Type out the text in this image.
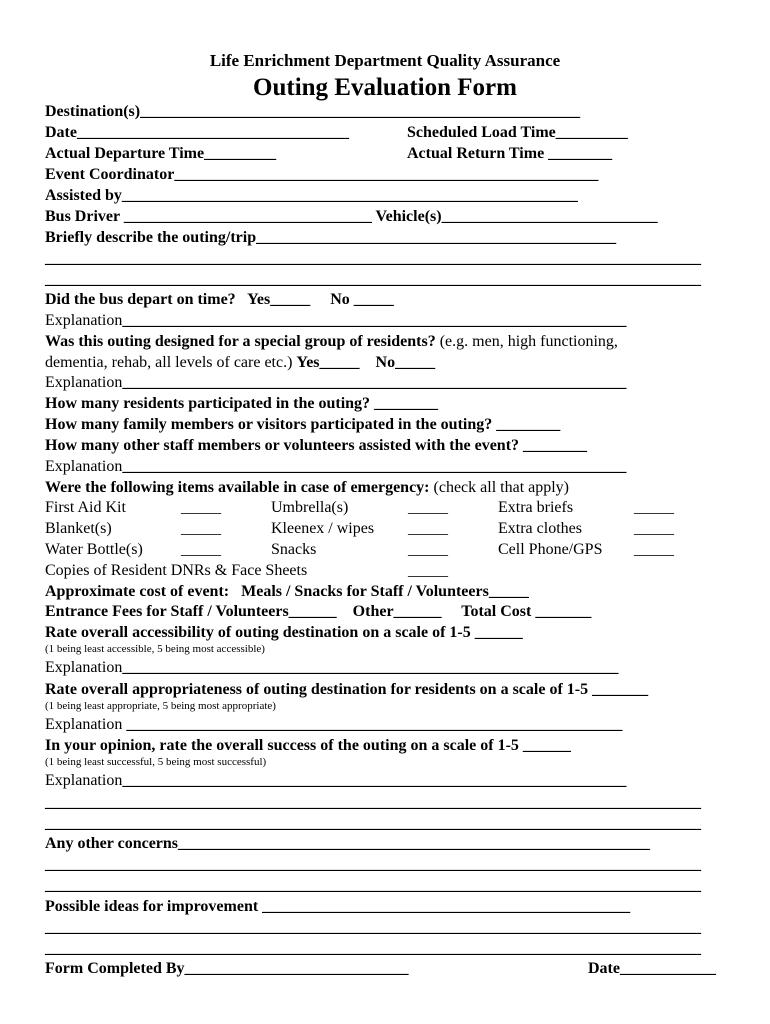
Life Enrichment Department Quality Assurance
Outing Evaluation Form
Destination(s)_______________________________________________________
Date__________________________________	Scheduled Load Time_________
Actual Departure Time_________	Actual Return Time ________
Event Coordinator_____________________________________________________
Assisted by_________________________________________________________
Bus Driver _______________________________ Vehicle(s)___________________________
Briefly describe the outing/trip_____________________________________________
__________________________________________________________________________________
__________________________________________________________________________________
Did the bus depart on time?   Yes_____     No _____
Explanation_______________________________________________________________
Was this outing designed for a special group of residents? (e.g. men, high functioning,
dementia, rehab, all levels of care etc.) Yes_____    No_____
Explanation_______________________________________________________________
How many residents participated in the outing? ________
How many family members or visitors participated in the outing? ________
How many other staff members or volunteers assisted with the event? ________
Explanation_______________________________________________________________
Were the following items available in case of emergency: (check all that apply)
First Aid Kit	_____	Umbrella(s)	_____	Extra briefs	_____
Blanket(s)	_____	Kleenex / wipes _____	Extra clothes	_____
Water Bottle(s) _____	Snacks	_____	Cell Phone/GPS _____
Copies of Resident DNRs & Face Sheets	_____
Approximate cost of event:   Meals / Snacks for Staff / Volunteers_____
Entrance Fees for Staff / Volunteers______    Other______     Total Cost _______
Rate overall accessibility of outing destination on a scale of 1-5 ______
(1 being least accessible, 5 being most accessible)
Explanation______________________________________________________________
Rate overall appropriateness of outing destination for residents on a scale of 1-5 _______
(1 being least appropriate, 5 being most appropriate)
Explanation ______________________________________________________________
In your opinion, rate the overall success of the outing on a scale of 1-5 ______
(1 being least successful, 5 being most successful)
Explanation_______________________________________________________________
__________________________________________________________________________________
__________________________________________________________________________________
Any other concerns___________________________________________________________
__________________________________________________________________________________
__________________________________________________________________________________
Possible ideas for improvement ______________________________________________
__________________________________________________________________________________
__________________________________________________________________________________
Form Completed By____________________________	Date____________
